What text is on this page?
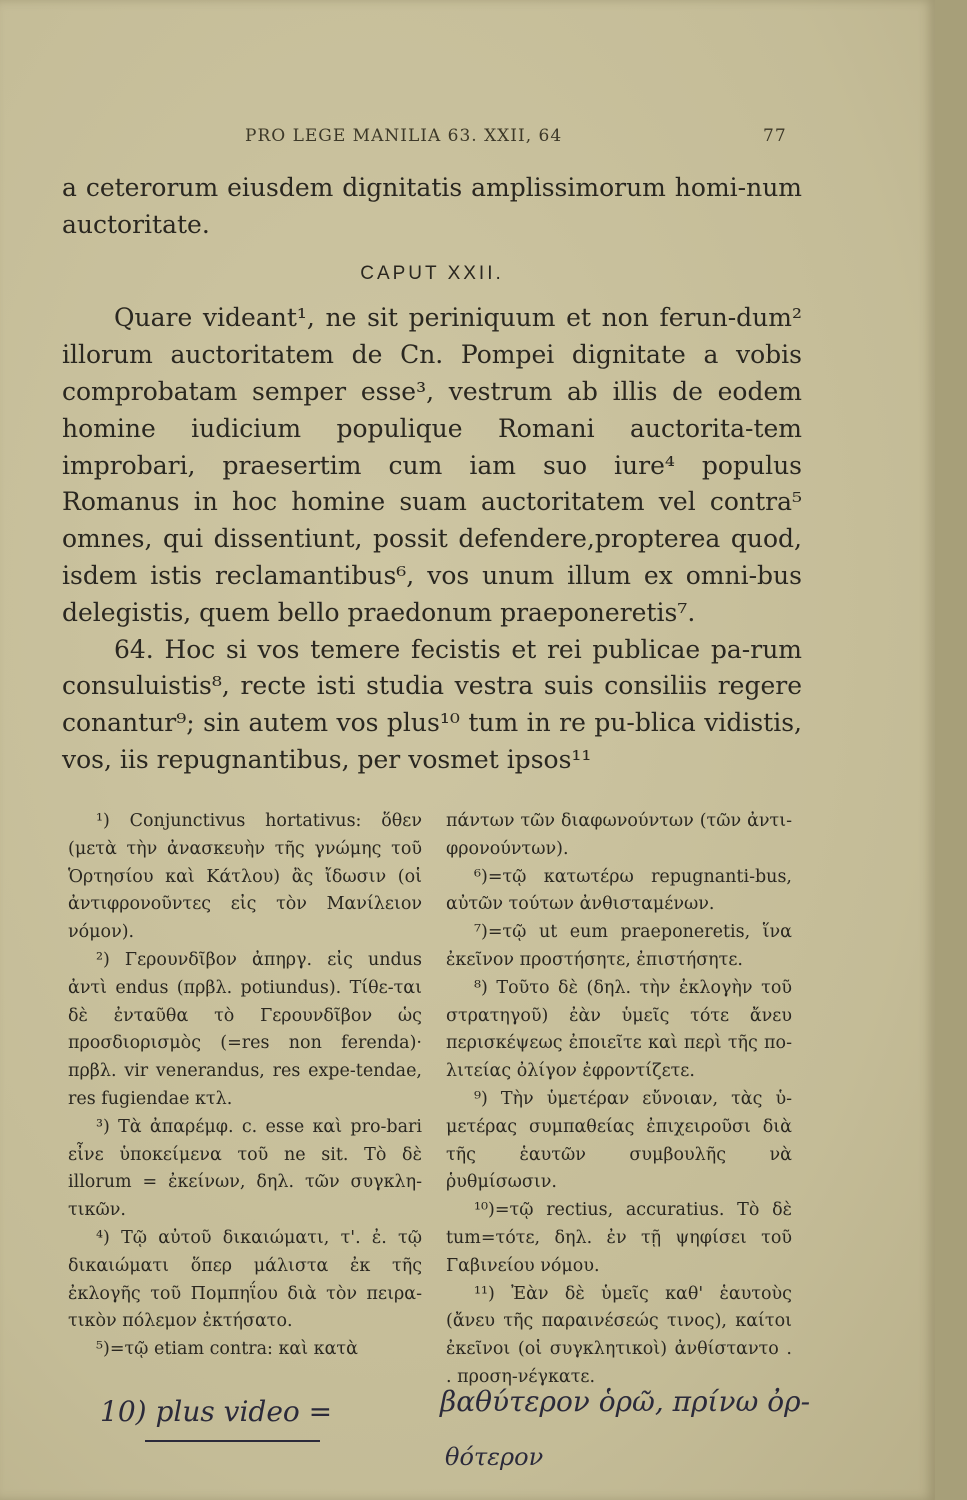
PRO LEGE MANILIA 63. XXII, 64	77

a ceterorum eiusdem dignitatis amplissimorum homi-num auctoritate.

CAPUT XXII.

Quare videant¹, ne sit periniquum et non ferun-dum² illorum auctoritatem de Cn. Pompei dignitate a vobis comprobatam semper esse³, vestrum ab illis de eodem homine iudicium populique Romani auctorita-tem improbari, praesertim cum iam suo iure⁴ populus Romanus in hoc homine suam auctoritatem vel contra⁵ omnes, qui dissentiunt, possit defendere,propterea quod, isdem istis reclamantibus⁶, vos unum illum ex omni-bus delegistis, quem bello praedonum praeponeretis⁷.

64. Hoc si vos temere fecistis et rei publicae pa-rum consuluistis⁸, recte isti studia vestra suis consiliis regere conantur⁹; sin autem vos plus¹⁰ tum in re pu-blica vidistis, vos, iis repugnantibus, per vosmet ipsos¹¹

¹) Conjunctivus hortativus: ὅθεν (μετὰ τὴν ἀνασκευὴν τῆς γνώμης τοῦ Ὁρτησίου καὶ Κάτλου) ἂς ἴδωσιν (οἱ ἀντιφρονοῦντες εἰς τὸν Μανίλειον νόμον).

²) Γερουνδῖβον ἀπηργ. εἰς undus ἀντὶ endus (πρβλ. potiundus). Τίθε-ται δὲ ἐνταῦθα τὸ Γερουνδῖβον ὡς προσδιορισμὸς (=res non ferenda)· πρβλ. vir venerandus, res expe-tendae, res fugiendae κτλ.

³) Τὰ ἀπαρέμφ. c. esse καὶ pro-bari εἶνε ὑποκείμενα τοῦ ne sit. Τὸ δὲ illorum = ἐκείνων, δηλ. τῶν συγκλη-τικῶν.

⁴) Τῷ αὐτοῦ δικαιώματι, τ'. ἐ. τῷ δικαιώματι ὅπερ μάλιστα ἐκ τῆς ἐκλογῆς τοῦ Πομπηΐου διὰ τὸν πειρα-τικὸν πόλεμον ἐκτήσατο.

⁵)=τῷ etiam contra: καὶ κατὰ

πάντων τῶν διαφωνούντων (τῶν ἀντι-φρονούντων).

⁶)=τῷ κατωτέρω repugnanti-bus, αὐτῶν τούτων ἀνθισταμένων.

⁷)=τῷ ut eum praeponeretis, ἵνα ἐκεῖνον προστήσητε, ἐπιστήσητε.

⁸) Τοῦτο δὲ (δηλ. τὴν ἐκλογὴν τοῦ στρατηγοῦ) ἐὰν ὑμεῖς τότε ἄνευ περισκέψεως ἐποιεῖτε καὶ περὶ τῆς πο-λιτείας ὀλίγον ἐφροντίζετε.

⁹) Τὴν ὑμετέραν εὔνοιαν, τὰς ὑ-μετέρας συμπαθείας ἐπιχειροῦσι διὰ τῆς ἑαυτῶν συμβουλῆς νὰ ῥυθμίσωσιν.

¹⁰)=τῷ rectius, accuratius. Τὸ δὲ tum=τότε, δηλ. ἐν τῇ ψηφίσει τοῦ Γαβινείου νόμου.

¹¹) Ἐὰν δὲ ὑμεῖς καθ' ἑαυτοὺς (ἄνευ τῆς παραινέσεώς τινος), καίτοι ἐκεῖνοι (οἱ συγκλητικοὶ) ἀνθίσταντο . . προση-νέγκατε.

10) plus video =	βαθύτερον ὁρῶ, πρίνω ὀρ-
θότερον
